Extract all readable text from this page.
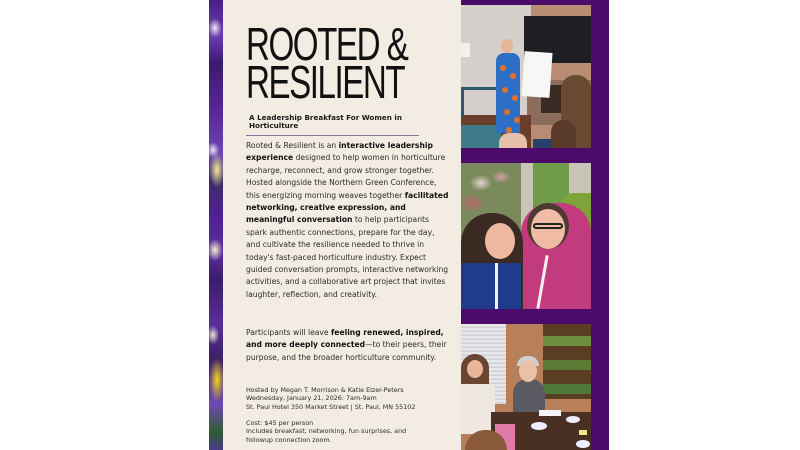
ROOTED &
RESILIENT

A Leadership Breakfast For Women in Horticulture

Rooted & Resilient is an interactive leadership experience designed to help women in horticulture recharge, reconnect, and grow stronger together.

Hosted alongside the Northern Green Conference, this energizing morning weaves together facilitated networking, creative expression, and meaningful conversation to help participants spark authentic connections, prepare for the day, and cultivate the resilience needed to thrive in today's fast-paced horticulture industry. Expect guided conversation prompts, interactive networking activities, and a collaborative art project that invites laughter, reflection, and creativity.

Participants will leave feeling renewed, inspired, and more deeply connected—to their peers, their purpose, and the broader horticulture community.

Hosted by Megan T. Morrison & Katie Elzer-Peters
Wednesday, January 21, 2026: 7am-9am
St. Paul Hotel 350 Market Street | St. Paul, MN 55102
Cost: $45 per person
Includes breakfast, networking, fun surprises, and
followup connection zoom.
